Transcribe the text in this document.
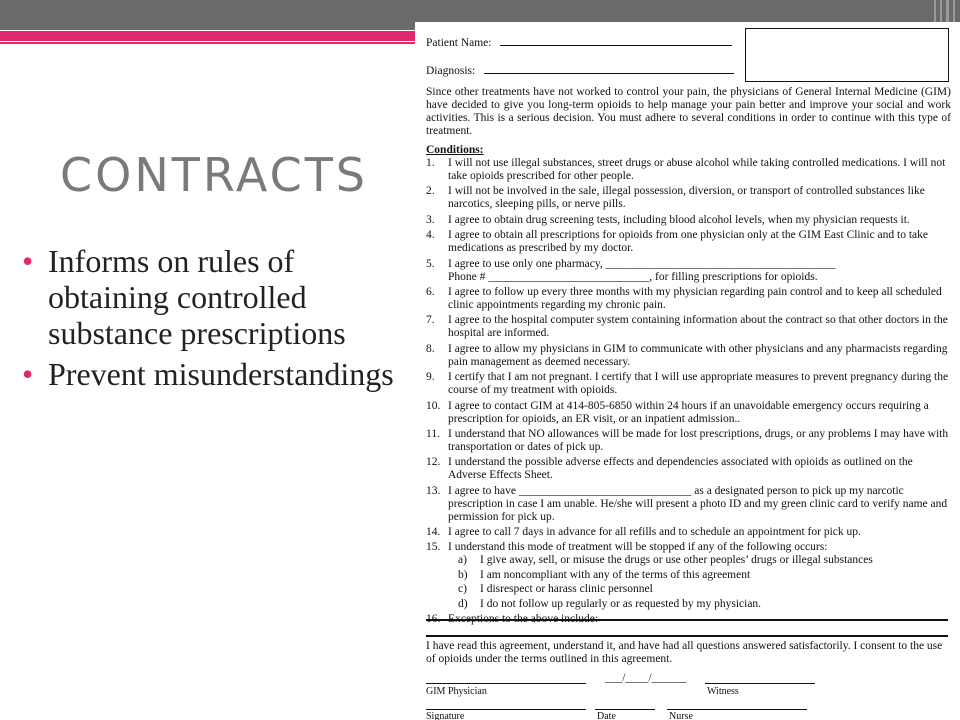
CONTRACTS
• Informs on rules of obtaining controlled substance prescriptions
• Prevent misunderstandings
Patient Name:
Diagnosis:

Since other treatments have not worked to control your pain, the physicians of General Internal Medicine (GIM) have decided to give you long-term opioids to help manage your pain better and improve your social and work activities. This is a serious decision. You must adhere to several conditions in order to continue with this type of treatment.

Conditions:

1. I will not use illegal substances, street drugs or abuse alcohol while taking controlled medications. I will not take opioids prescribed for other people.
2. I will not be involved in the sale, illegal possession, diversion, or transport of controlled substances like narcotics, sleeping pills, or nerve pills.
3. I agree to obtain drug screening tests, including blood alcohol levels, when my physician requests it.
4. I agree to obtain all prescriptions for opioids from one physician only at the GIM East Clinic and to take medications as prescribed by my doctor.
5. I agree to use only one pharmacy, ________________________________________
Phone # ____________________________, for filling prescriptions for opioids.
6. I agree to follow up every three months with my physician regarding pain control and to keep all scheduled clinic appointments regarding my chronic pain.
7. I agree to the hospital computer system containing information about the contract so that other doctors in the hospital are informed.
8. I agree to allow my physicians in GIM to communicate with other physicians and any pharmacists regarding pain management as deemed necessary.
9. I certify that I am not pregnant. I certify that I will use appropriate measures to prevent pregnancy during the course of my treatment with opioids.
10. I agree to contact GIM at 414-805-6850 within 24 hours if an unavoidable emergency occurs requiring a prescription for opioids, an ER visit, or an inpatient admission..
11. I understand that NO allowances will be made for lost prescriptions, drugs, or any problems I may have with transportation or dates of pick up.
12. I understand the possible adverse effects and dependencies associated with opioids as outlined on the Adverse Effects Sheet.
13. I agree to have ______________________________ as a designated person to pick up my narcotic prescription in case I am unable. He/she will present a photo ID and my green clinic card to verify name and permission for pick up.
14. I agree to call 7 days in advance for all refills and to schedule an appointment for pick up.
15. I understand this mode of treatment will be stopped if any of the following occurs:
a) I give away, sell, or misuse the drugs or use other peoples’ drugs or illegal substances
b) I am noncompliant with any of the terms of this agreement
c) I disrespect or harass clinic personnel
d) I do not follow up regularly or as requested by my physician.

I have read this agreement, understand it, and have had all questions answered satisfactorily. I consent to the use of opioids under the terms outlined in this agreement.

___/____/______
GIM Physician	Witness
Signature	Date	Nurse
